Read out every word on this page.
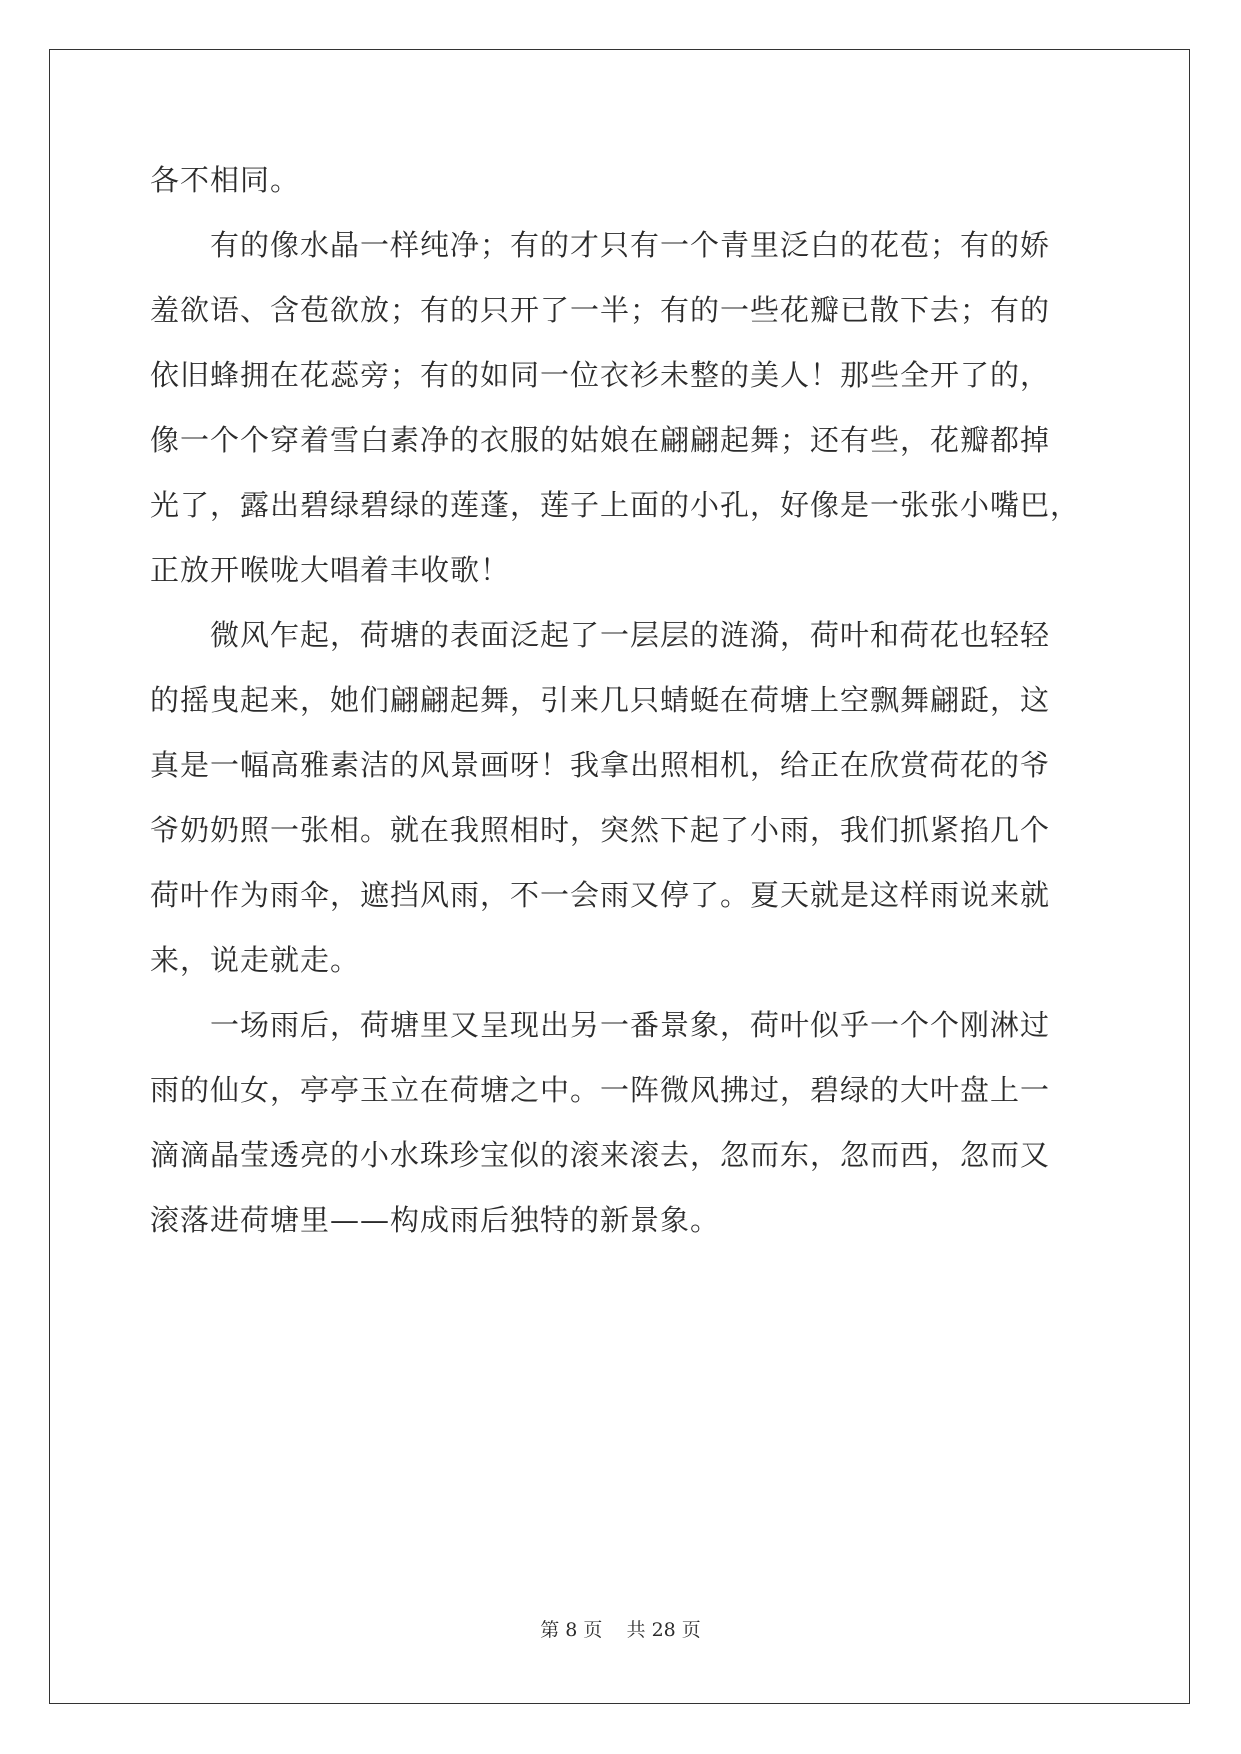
各不相同。
　　有的像水晶一样纯净；有的才只有一个青里泛白的花苞；有的娇
羞欲语、含苞欲放；有的只开了一半；有的一些花瓣已散下去；有的
依旧蜂拥在花蕊旁；有的如同一位衣衫未整的美人！那些全开了的，
像一个个穿着雪白素净的衣服的姑娘在翩翩起舞；还有些，花瓣都掉
光了，露出碧绿碧绿的莲蓬，莲子上面的小孔，好像是一张张小嘴巴，
正放开喉咙大唱着丰收歌！
　　微风乍起，荷塘的表面泛起了一层层的涟漪，荷叶和荷花也轻轻
的摇曳起来，她们翩翩起舞，引来几只蜻蜓在荷塘上空飘舞翩跹，这
真是一幅高雅素洁的风景画呀！我拿出照相机，给正在欣赏荷花的爷
爷奶奶照一张相。就在我照相时，突然下起了小雨，我们抓紧掐几个
荷叶作为雨伞，遮挡风雨，不一会雨又停了。夏天就是这样雨说来就
来，说走就走。
　　一场雨后，荷塘里又呈现出另一番景象，荷叶似乎一个个刚淋过
雨的仙女，亭亭玉立在荷塘之中。一阵微风拂过，碧绿的大叶盘上一
滴滴晶莹透亮的小水珠珍宝似的滚来滚去，忽而东，忽而西，忽而又
滚落进荷塘里——构成雨后独特的新景象。
第 8 页    共 28 页
